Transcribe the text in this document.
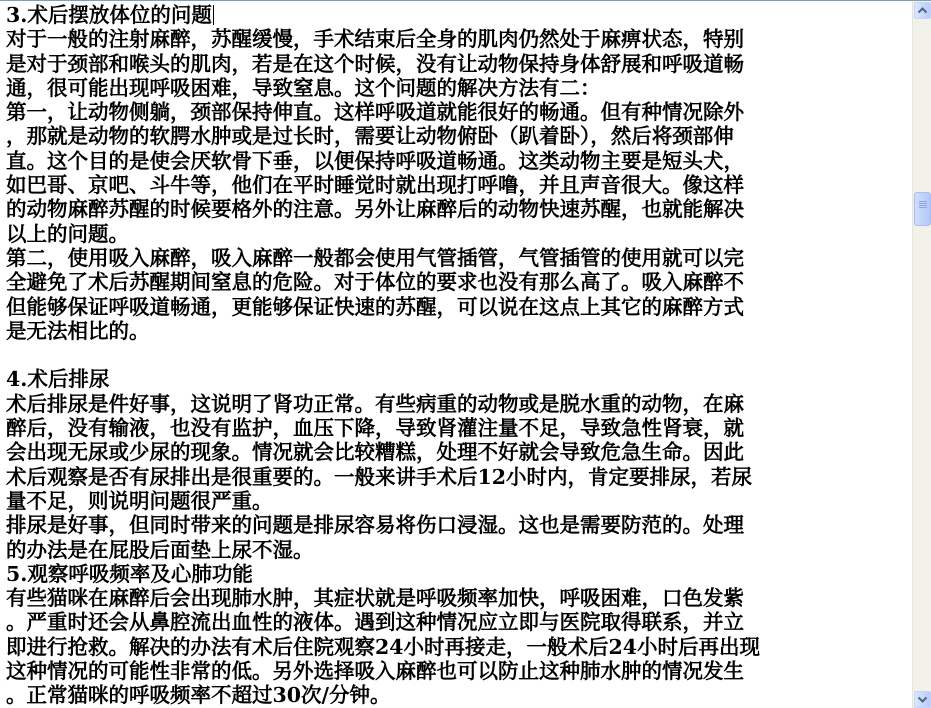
3.术后摆放体位的问题
对于一般的注射麻醉，苏醒缓慢，手术结束后全身的肌肉仍然处于麻痹状态，特别
是对于颈部和喉头的肌肉，若是在这个时候，没有让动物保持身体舒展和呼吸道畅
通，很可能出现呼吸困难，导致窒息。这个问题的解决方法有二：
第一，让动物侧躺，颈部保持伸直。这样呼吸道就能很好的畅通。但有种情况除外
，那就是动物的软腭水肿或是过长时，需要让动物俯卧（趴着卧），然后将颈部伸
直。这个目的是使会厌软骨下垂，以便保持呼吸道畅通。这类动物主要是短头犬，
如巴哥、京吧、斗牛等，他们在平时睡觉时就出现打呼噜，并且声音很大。像这样
的动物麻醉苏醒的时候要格外的注意。另外让麻醉后的动物快速苏醒，也就能解决
以上的问题。
第二，使用吸入麻醉，吸入麻醉一般都会使用气管插管，气管插管的使用就可以完
全避免了术后苏醒期间窒息的危险。对于体位的要求也没有那么高了。吸入麻醉不
但能够保证呼吸道畅通，更能够保证快速的苏醒，可以说在这点上其它的麻醉方式
是无法相比的。
4.术后排尿
术后排尿是件好事，这说明了肾功正常。有些病重的动物或是脱水重的动物，在麻
醉后，没有输液，也没有监护，血压下降，导致肾灌注量不足，导致急性肾衰，就
会出现无尿或少尿的现象。情况就会比较糟糕，处理不好就会导致危急生命。因此
术后观察是否有尿排出是很重要的。一般来讲手术后12小时内，肯定要排尿，若尿
量不足，则说明问题很严重。
排尿是好事，但同时带来的问题是排尿容易将伤口浸湿。这也是需要防范的。处理
的办法是在屁股后面垫上尿不湿。
5.观察呼吸频率及心肺功能
有些猫咪在麻醉后会出现肺水肿，其症状就是呼吸频率加快，呼吸困难，口色发紫
。严重时还会从鼻腔流出血性的液体。遇到这种情况应立即与医院取得联系，并立
即进行抢救。解决的办法有术后住院观察24小时再接走，一般术后24小时后再出现
这种情况的可能性非常的低。另外选择吸入麻醉也可以防止这种肺水肿的情况发生
。正常猫咪的呼吸频率不超过30次/分钟。
